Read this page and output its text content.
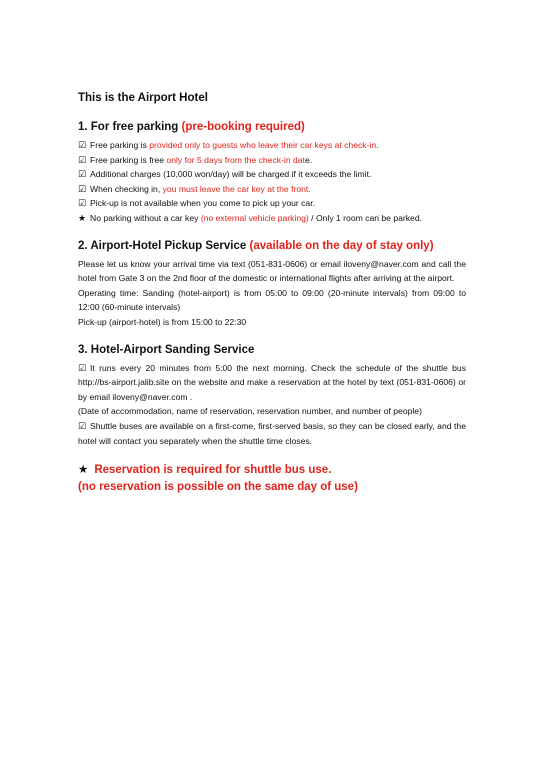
This is the Airport Hotel

1. For free parking (pre-booking required)

☑ Free parking is provided only to guests who leave their car keys at check-in.

☑ Free parking is free only for 5 days from the check-in date.

☑ Additional charges (10,000 won/day) will be charged if it exceeds the limit.

☑ When checking in, you must leave the car key at the front.

☑ Pick-up is not available when you come to pick up your car.

★ No parking without a car key (no external vehicle parking) / Only 1 room can be parked.

2. Airport-Hotel Pickup Service (available on the day of stay only)

Please let us know your arrival time via text (051-831-0606) or email iloveny@naver.com and call the hotel from Gate 3 on the 2nd floor of the domestic or international flights after arriving at the airport.

Operating time: Sanding (hotel-airport) is from 05:00 to 09:00 (20-minute intervals) from 09:00 to 12:00 (60-minute intervals)

Pick-up (airport-hotel) is from 15:00 to 22:30

3. Hotel-Airport Sanding Service

☑ It runs every 20 minutes from 5:00 the next morning. Check the schedule of the shuttle bus http://bs-airport.jalib.site on the website and make a reservation at the hotel by text (051-831-0606) or by email iloveny@naver.com .

(Date of accommodation, name of reservation, reservation number, and number of people)

☑ Shuttle buses are available on a first-come, first-served basis, so they can be closed early, and the hotel will contact you separately when the shuttle time closes.

★ Reservation is required for shuttle bus use.

(no reservation is possible on the same day of use)
